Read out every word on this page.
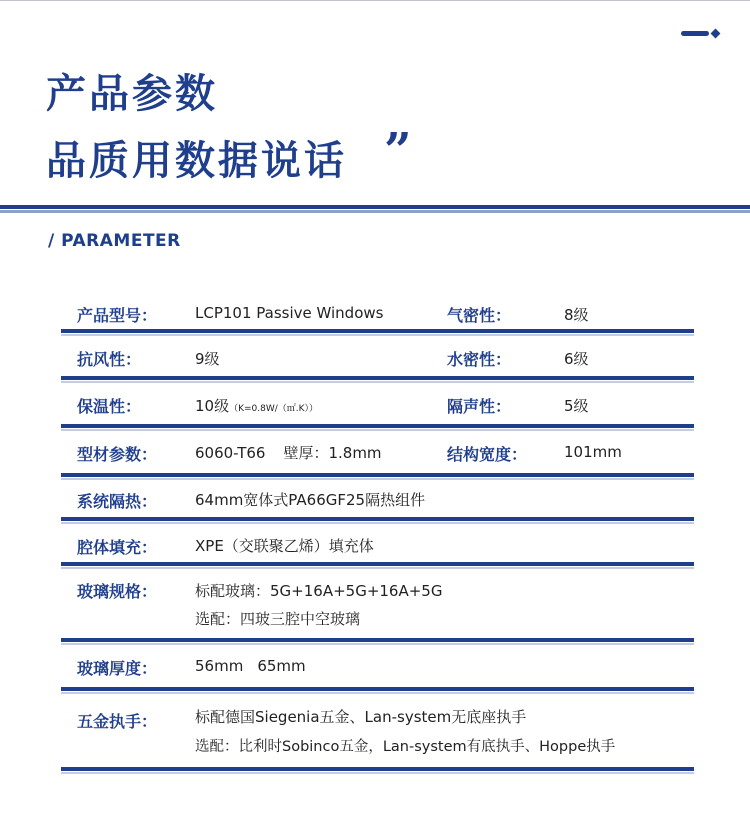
产品参数
品质用数据说话 ”
/ PARAMETER
产品型号：	LCP101 Passive Windows	气密性：	8级
抗风性：	9级	水密性：	6级
保温性：	10级（K=0.8W/（㎡.K））	隔声性：	5级
型材参数：	6060-T66 壁厚：1.8mm	结构宽度： 101mm
系统隔热：	64mm宽体式PA66GF25隔热组件
腔体填充：	XPE（交联聚乙烯）填充体
玻璃规格：	标配玻璃：5G+16A+5G+16A+5G
选配：四玻三腔中空玻璃
玻璃厚度：	56mm 65mm
五金执手：	标配德国Siegenia五金、Lan-system无底座执手
选配：比利时Sobinco五金，Lan-system有底执手、Hoppe执手
